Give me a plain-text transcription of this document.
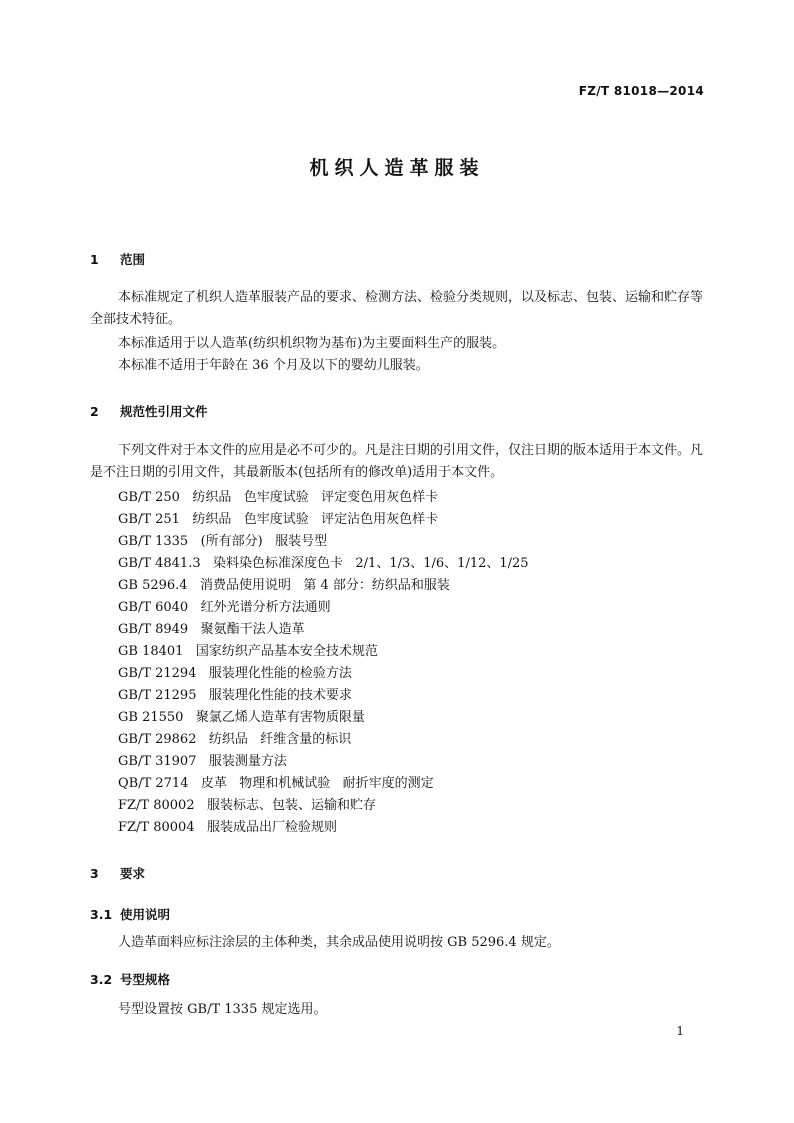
FZ/T 81018—2014
机织人造革服装
1 范围
本标准规定了机织人造革服装产品的要求、检测方法、检验分类规则，以及标志、包装、运输和贮存等全部技术特征。
本标准适用于以人造革(纺织机织物为基布)为主要面料生产的服装。
本标准不适用于年龄在 36 个月及以下的婴幼儿服装。
2 规范性引用文件
下列文件对于本文件的应用是必不可少的。凡是注日期的引用文件，仅注日期的版本适用于本文件。凡是不注日期的引用文件，其最新版本(包括所有的修改单)适用于本文件。
GB/T 250   纺织品   色牢度试验   评定变色用灰色样卡
GB/T 251   纺织品   色牢度试验   评定沾色用灰色样卡
GB/T 1335   (所有部分)   服装号型
GB/T 4841.3   染料染色标准深度色卡   2/1、1/3、1/6、1/12、1/25
GB 5296.4   消费品使用说明   第 4 部分：纺织品和服装
GB/T 6040   红外光谱分析方法通则
GB/T 8949   聚氨酯干法人造革
GB 18401   国家纺织产品基本安全技术规范
GB/T 21294   服装理化性能的检验方法
GB/T 21295   服装理化性能的技术要求
GB 21550   聚氯乙烯人造革有害物质限量
GB/T 29862   纺织品   纤维含量的标识
GB/T 31907   服装测量方法
QB/T 2714   皮革   物理和机械试验   耐折牢度的测定
FZ/T 80002   服装标志、包装、运输和贮存
FZ/T 80004   服装成品出厂检验规则
3 要求
3.1 使用说明
人造革面料应标注涂层的主体种类，其余成品使用说明按 GB 5296.4 规定。
3.2 号型规格
号型设置按 GB/T 1335 规定选用。
1
